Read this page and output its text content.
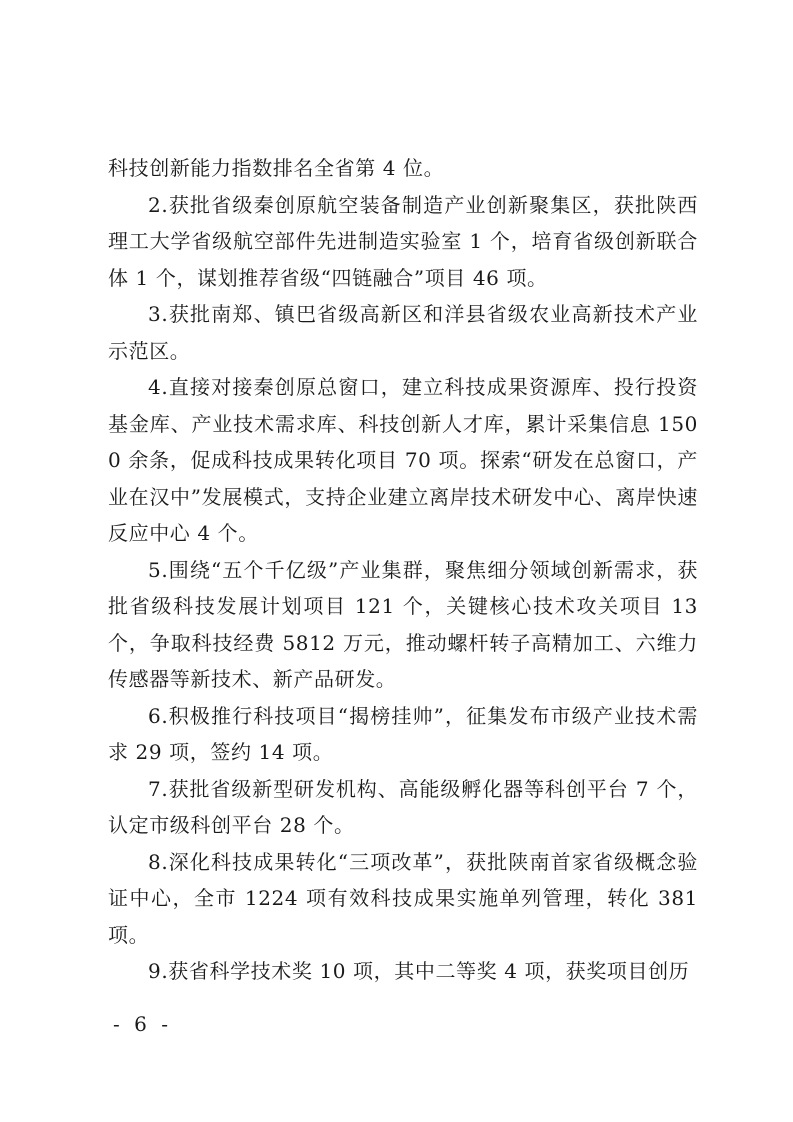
科技创新能力指数排名全省第 4 位。

2.获批省级秦创原航空装备制造产业创新聚集区，获批陕西理工大学省级航空部件先进制造实验室 1 个，培育省级创新联合体 1 个，谋划推荐省级“四链融合”项目 46 项。

3.获批南郑、镇巴省级高新区和洋县省级农业高新技术产业示范区。

4.直接对接秦创原总窗口，建立科技成果资源库、投行投资基金库、产业技术需求库、科技创新人才库，累计采集信息 1500 余条，促成科技成果转化项目 70 项。探索“研发在总窗口，产业在汉中”发展模式，支持企业建立离岸技术研发中心、离岸快速反应中心 4 个。

5.围绕“五个千亿级”产业集群，聚焦细分领域创新需求，获批省级科技发展计划项目 121 个，关键核心技术攻关项目 13 个，争取科技经费 5812 万元，推动螺杆转子高精加工、六维力传感器等新技术、新产品研发。

6.积极推行科技项目“揭榜挂帅”，征集发布市级产业技术需求 29 项，签约 14 项。

7.获批省级新型研发机构、高能级孵化器等科创平台 7 个，认定市级科创平台 28 个。

8.深化科技成果转化“三项改革”，获批陕南首家省级概念验证中心，全市 1224 项有效科技成果实施单列管理，转化 381 项。

9.获省科学技术奖 10 项，其中二等奖 4 项，获奖项目创历

- 6 -
